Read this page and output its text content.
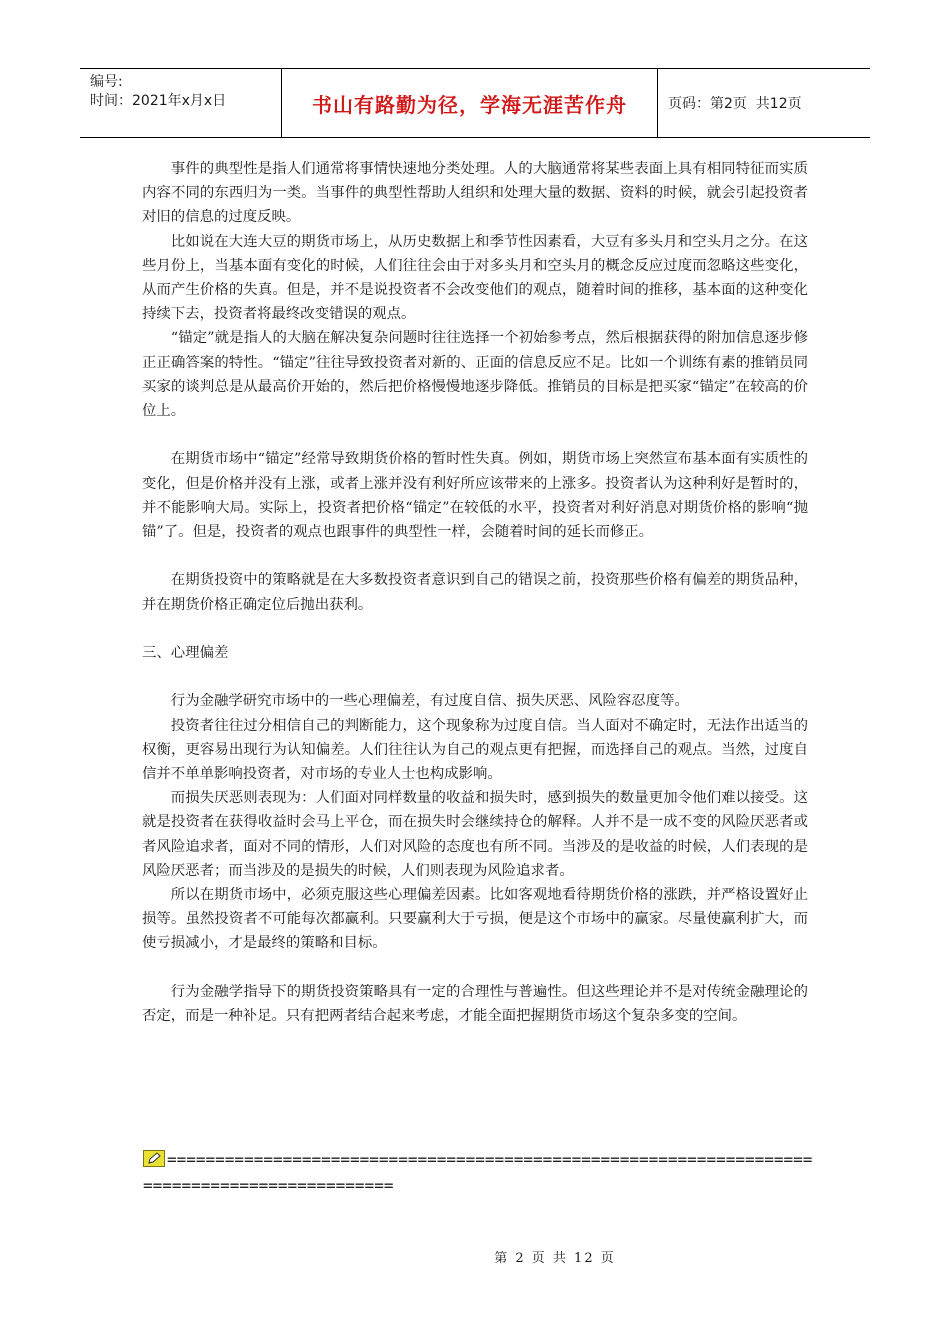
编号:
时间：2021年x月x日	书山有路勤为径，学海无涯苦作舟	页码：第2页  共12页
事件的典型性是指人们通常将事情快速地分类处理。人的大脑通常将某些表面上具有相同特征而实质内容不同的东西归为一类。当事件的典型性帮助人组织和处理大量的数据、资料的时候，就会引起投资者对旧的信息的过度反映。
比如说在大连大豆的期货市场上，从历史数据上和季节性因素看，大豆有多头月和空头月之分。在这些月份上，当基本面有变化的时候，人们往往会由于对多头月和空头月的概念反应过度而忽略这些变化，从而产生价格的失真。但是，并不是说投资者不会改变他们的观点，随着时间的推移，基本面的这种变化持续下去，投资者将最终改变错误的观点。
“锚定”就是指人的大脑在解决复杂问题时往往选择一个初始参考点，然后根据获得的附加信息逐步修正正确答案的特性。“锚定”往往导致投资者对新的、正面的信息反应不足。比如一个训练有素的推销员同买家的谈判总是从最高价开始的，然后把价格慢慢地逐步降低。推销员的目标是把买家“锚定”在较高的价位上。
在期货市场中“锚定”经常导致期货价格的暂时性失真。例如，期货市场上突然宣布基本面有实质性的变化，但是价格并没有上涨，或者上涨并没有利好所应该带来的上涨多。投资者认为这种利好是暂时的，并不能影响大局。实际上，投资者把价格“锚定”在较低的水平，投资者对利好消息对期货价格的影响“抛锚”了。但是，投资者的观点也跟事件的典型性一样，会随着时间的延长而修正。
在期货投资中的策略就是在大多数投资者意识到自己的错误之前，投资那些价格有偏差的期货品种，并在期货价格正确定位后抛出获利。
三、心理偏差
行为金融学研究市场中的一些心理偏差，有过度自信、损失厌恶、风险容忍度等。
投资者往往过分相信自己的判断能力，这个现象称为过度自信。当人面对不确定时，无法作出适当的权衡，更容易出现行为认知偏差。人们往往认为自己的观点更有把握，而选择自己的观点。当然，过度自信并不单单影响投资者，对市场的专业人士也构成影响。
而损失厌恶则表现为：人们面对同样数量的收益和损失时，感到损失的数量更加令他们难以接受。这就是投资者在获得收益时会马上平仓，而在损失时会继续持仓的解释。人并不是一成不变的风险厌恶者或者风险追求者，面对不同的情形，人们对风险的态度也有所不同。当涉及的是收益的时候，人们表现的是风险厌恶者；而当涉及的是损失的时候，人们则表现为风险追求者。
所以在期货市场中，必须克服这些心理偏差因素。比如客观地看待期货价格的涨跌，并严格设置好止损等。虽然投资者不可能每次都赢利。只要赢利大于亏损，便是这个市场中的赢家。尽量使赢利扩大，而使亏损减小，才是最终的策略和目标。
行为金融学指导下的期货投资策略具有一定的合理性与普遍性。但这些理论并不是对传统金融理论的否定，而是一种补足。只有把两者结合起来考虑，才能全面把握期货市场这个复杂多变的空间。
=============================================================================================
第 2 页 共 12 页
